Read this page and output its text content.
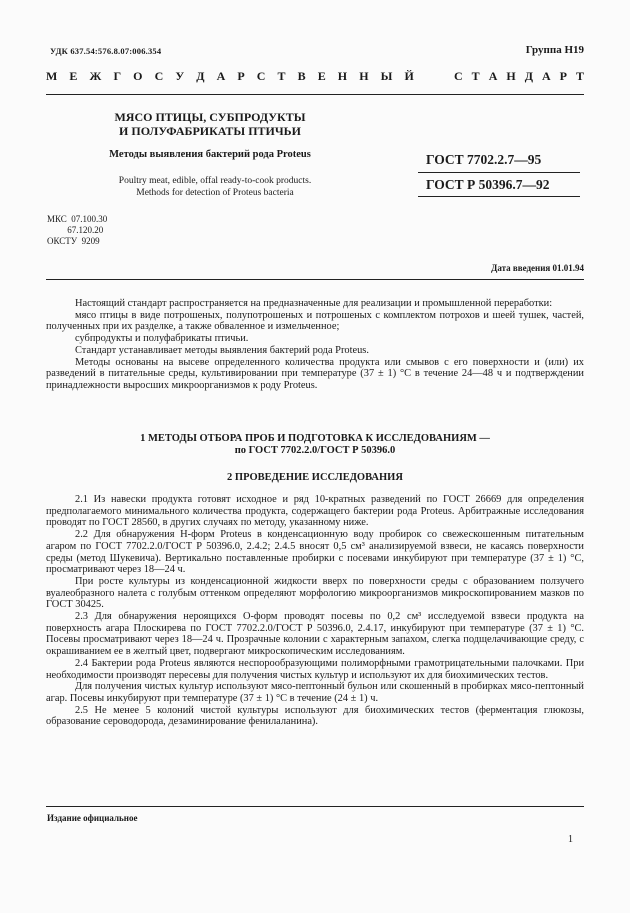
УДК 637.54:576.8.07:006.354	Группа Н19
М Е Ж Г О С У Д А Р С Т В Е Н Н Ы Й	С Т А Н Д А Р Т
МЯСО ПТИЦЫ, СУБПРОДУКТЫ
И ПОЛУФАБРИКАТЫ ПТИЧЬИ
Методы выявления бактерий рода Proteus
Poultry meat, edible, offal ready-to-cook products.
Methods for detection of Proteus bacteria
ГОСТ 7702.2.7—95
ГОСТ Р 50396.7—92
МКС  07.100.30
67.120.20
ОКСТУ  9209
Дата введения 01.01.94

Настоящий стандарт распространяется на предназначенные для реализации и промышленной переработки:

мясо птицы в виде потрошеных, полупотрошеных и потрошеных с комплектом потрохов и шеей тушек, частей, полученных при их разделке, а также обваленное и измельченное;

субпродукты и полуфабрикаты птичьи.

Стандарт устанавливает методы выявления бактерий рода Proteus.

Методы основаны на высеве определенного количества продукта или смывов с его поверхности и (или) их разведений в питательные среды, культивировании при температуре (37 ± 1) °С в течение 24—48 ч и подтверждении принадлежности выросших микроорганизмов к роду Proteus.

1 МЕТОДЫ ОТБОРА ПРОБ И ПОДГОТОВКА К ИССЛЕДОВАНИЯМ —
по ГОСТ 7702.2.0/ГОСТ Р 50396.0
2 ПРОВЕДЕНИЕ ИССЛЕДОВАНИЯ

2.1 Из навески продукта готовят исходное и ряд 10-кратных разведений по ГОСТ 26669 для определения предполагаемого минимального количества продукта, содержащего бактерии рода Proteus. Арбитражные исследования проводят по ГОСТ 28560, в других случаях по методу, указанному ниже.

2.2 Для обнаружения Н-форм Proteus в конденсационную воду пробирок со свежескошенным питательным агаром по ГОСТ 7702.2.0/ГОСТ Р 50396.0, 2.4.2; 2.4.5 вносят 0,5 см³ анализируемой взвеси, не касаясь поверхности среды (метод Шукевича). Вертикально поставленные пробирки с посевами инкубируют при температуре (37 ± 1) °С, просматривают через 18—24 ч.

При росте культуры из конденсационной жидкости вверх по поверхности среды с образованием ползучего вуалеобразного налета с голубым оттенком определяют морфологию микроорганизмов микроскопированием мазков по ГОСТ 30425.

2.3 Для обнаружения нероящихся О-форм проводят посевы по 0,2 см³ исследуемой взвеси продукта на поверхность агара Плоскирева по ГОСТ 7702.2.0/ГОСТ Р 50396.0, 2.4.17, инкубируют при температуре (37 ± 1) °С. Посевы просматривают через 18—24 ч. Прозрачные колонии с характерным запахом, слегка подщелачивающие среду, с окрашиванием ее в желтый цвет, подвергают микроскопическим исследованиям.

2.4 Бактерии рода Proteus являются неспорообразующими полиморфными грамотрицательными палочками. При необходимости производят пересевы для получения чистых культур и используют их для биохимических тестов.

Для получения чистых культур используют мясо-пептонный бульон или скошенный в пробирках мясо-пептонный агар. Посевы инкубируют при температуре (37 ± 1) °С в течение (24 ± 1) ч.

2.5 Не менее 5 колоний чистой культуры используют для биохимических тестов (ферментация глюкозы, образование сероводорода, дезаминирование фенилаланина).

Издание официальное
1
